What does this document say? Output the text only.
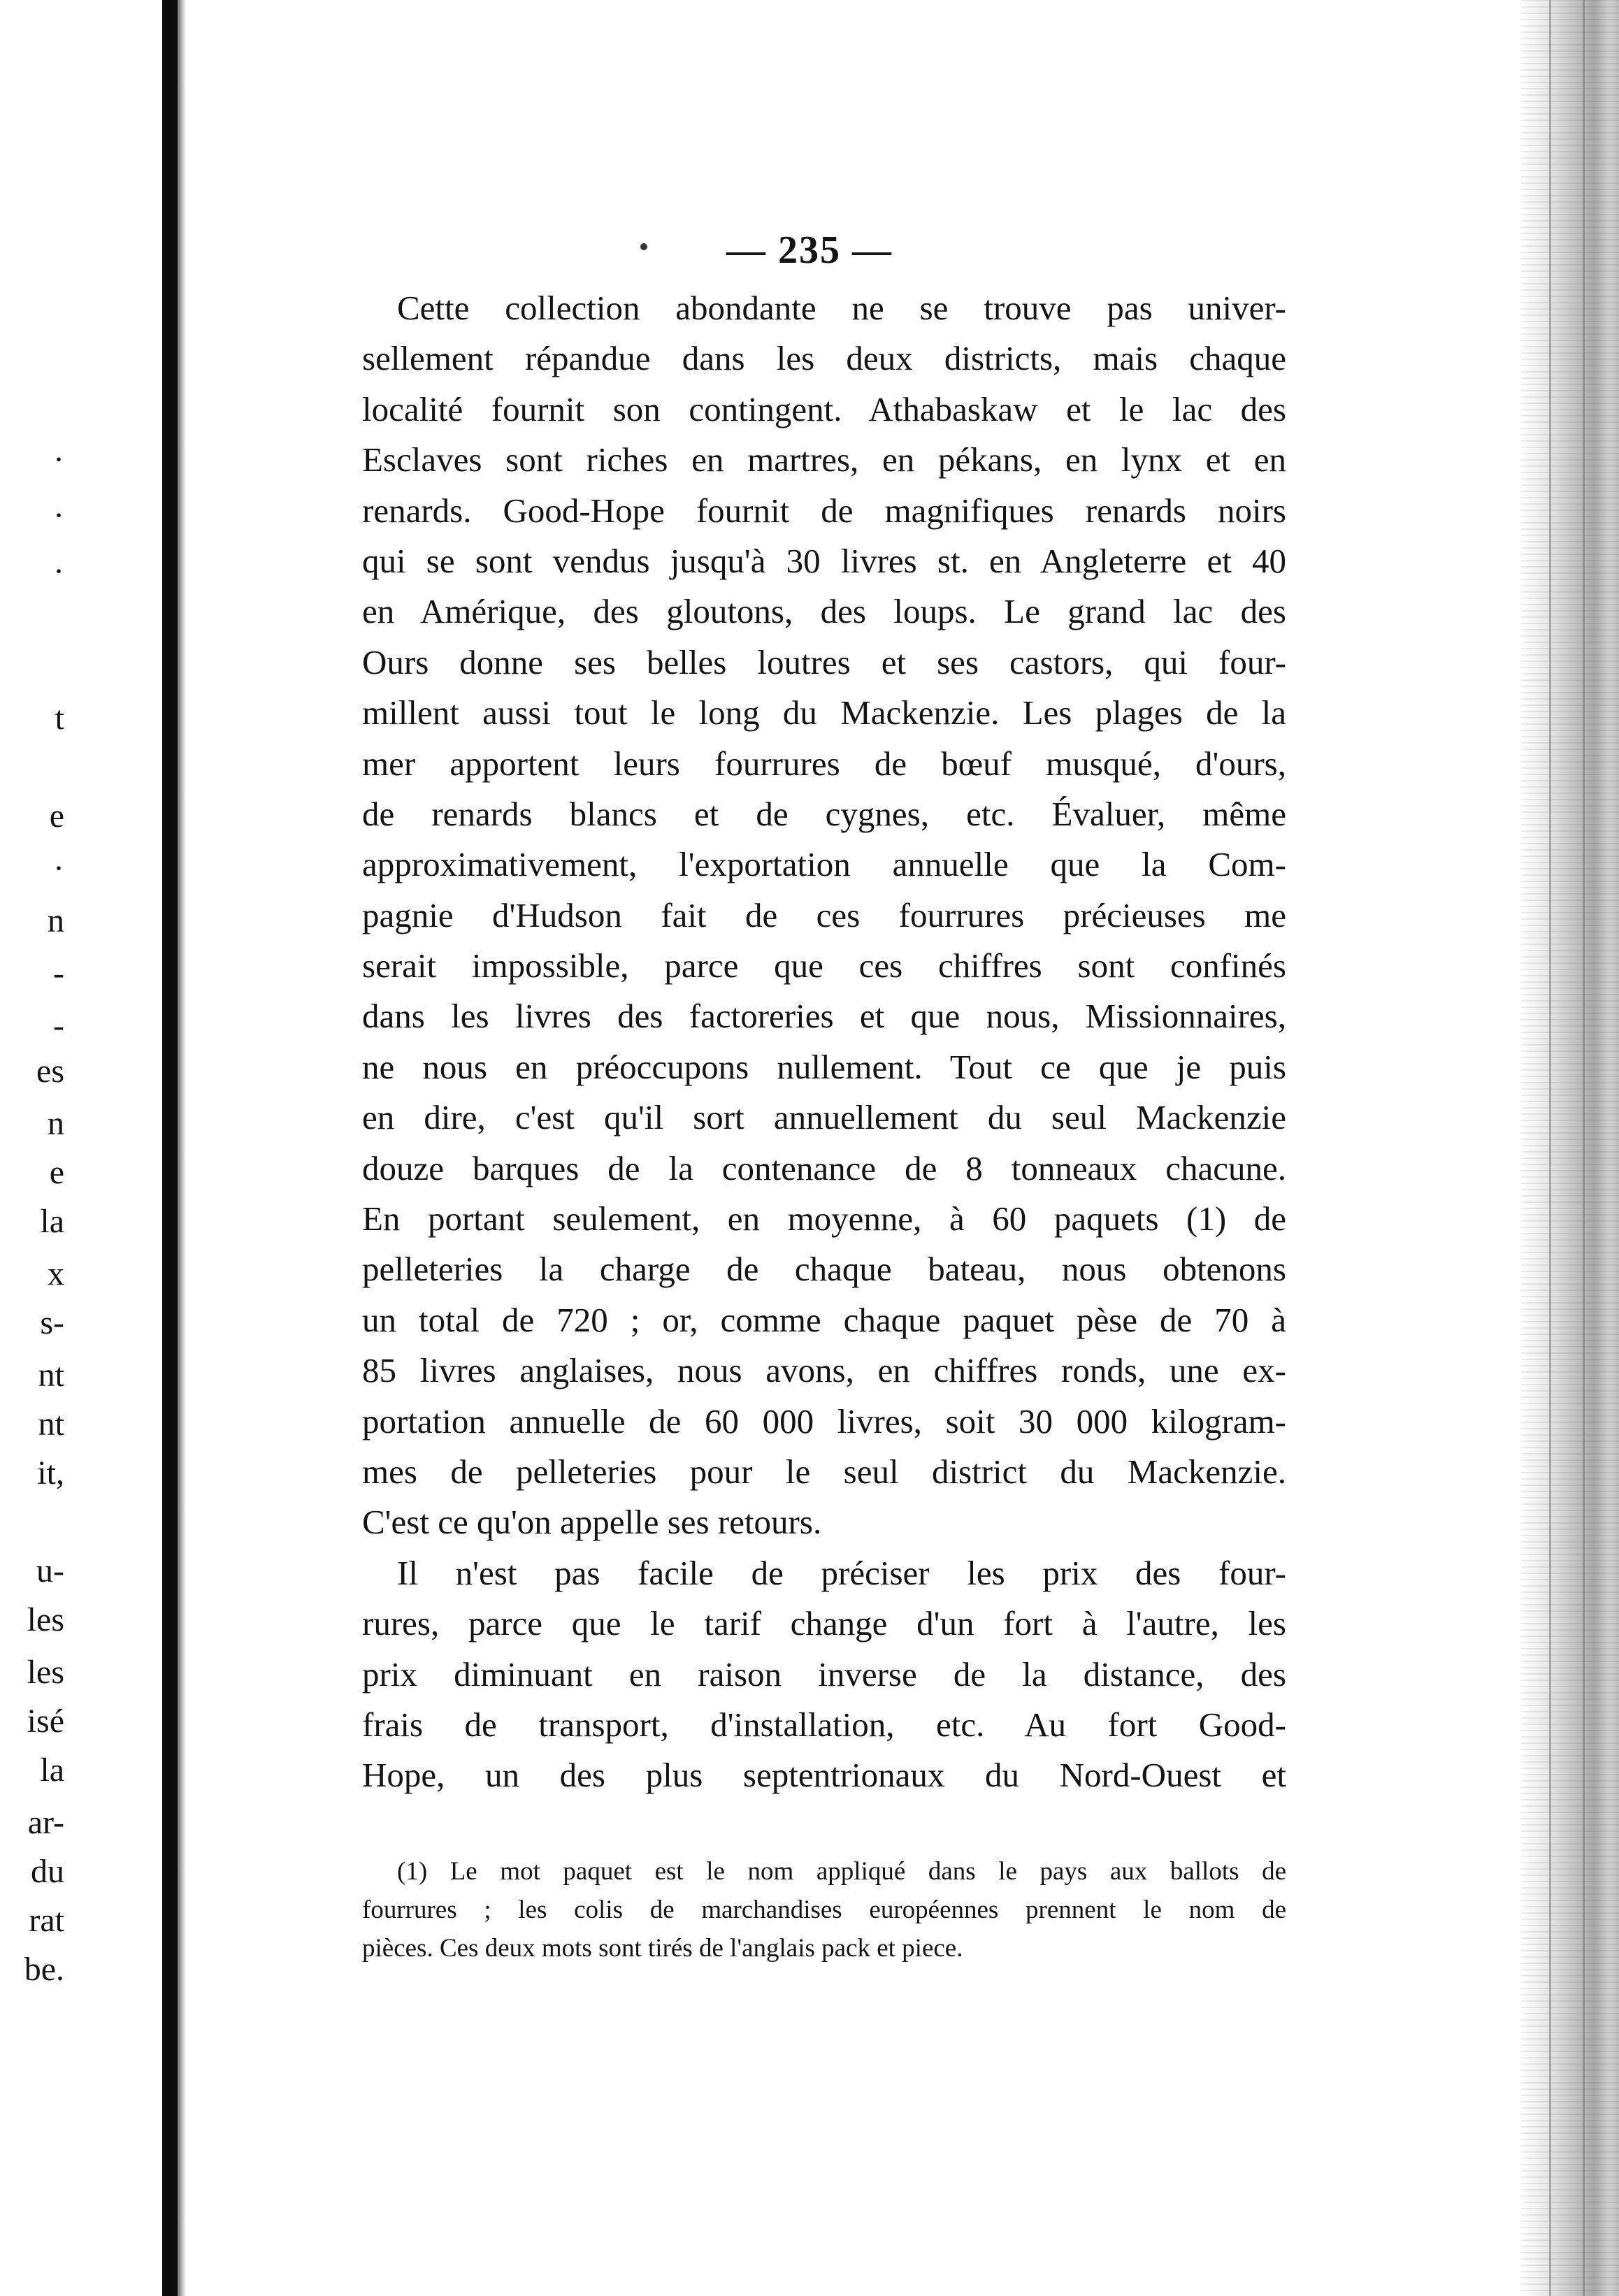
·
·
·
t
e
·
n
-
-
es
n
e
la
x
s-
nt
nt
it,
u-
les
les
isé
la
ar-
du
rat
be.
— 235 —
Cette collection abondante ne se trouve pas univer-
sellement répandue dans les deux districts, mais chaque
localité fournit son contingent. Athabaskaw et le lac des
Esclaves sont riches en martres, en pékans, en lynx et en
renards. Good-Hope fournit de magnifiques renards noirs
qui se sont vendus jusqu'à 30 livres st. en Angleterre et 40
en Amérique, des gloutons, des loups. Le grand lac des
Ours donne ses belles loutres et ses castors, qui four-
millent aussi tout le long du Mackenzie. Les plages de la
mer apportent leurs fourrures de bœuf musqué, d'ours,
de renards blancs et de cygnes, etc. Évaluer, même
approximativement, l'exportation annuelle que la Com-
pagnie d'Hudson fait de ces fourrures précieuses me
serait impossible, parce que ces chiffres sont confinés
dans les livres des factoreries et que nous, Missionnaires,
ne nous en préoccupons nullement. Tout ce que je puis
en dire, c'est qu'il sort annuellement du seul Mackenzie
douze barques de la contenance de 8 tonneaux chacune.
En portant seulement, en moyenne, à 60 paquets (1) de
pelleteries la charge de chaque bateau, nous obtenons
un total de 720 ; or, comme chaque paquet pèse de 70 à
85 livres anglaises, nous avons, en chiffres ronds, une ex-
portation annuelle de 60 000 livres, soit 30 000 kilogram-
mes de pelleteries pour le seul district du Mackenzie.
C'est ce qu'on appelle ses retours.
Il n'est pas facile de préciser les prix des four-
rures, parce que le tarif change d'un fort à l'autre, les
prix diminuant en raison inverse de la distance, des
frais de transport, d'installation, etc. Au fort Good-
Hope, un des plus septentrionaux du Nord-Ouest et
(1) Le mot paquet est le nom appliqué dans le pays aux ballots de
fourrures ; les colis de marchandises européennes prennent le nom de
pièces. Ces deux mots sont tirés de l'anglais pack et piece.
